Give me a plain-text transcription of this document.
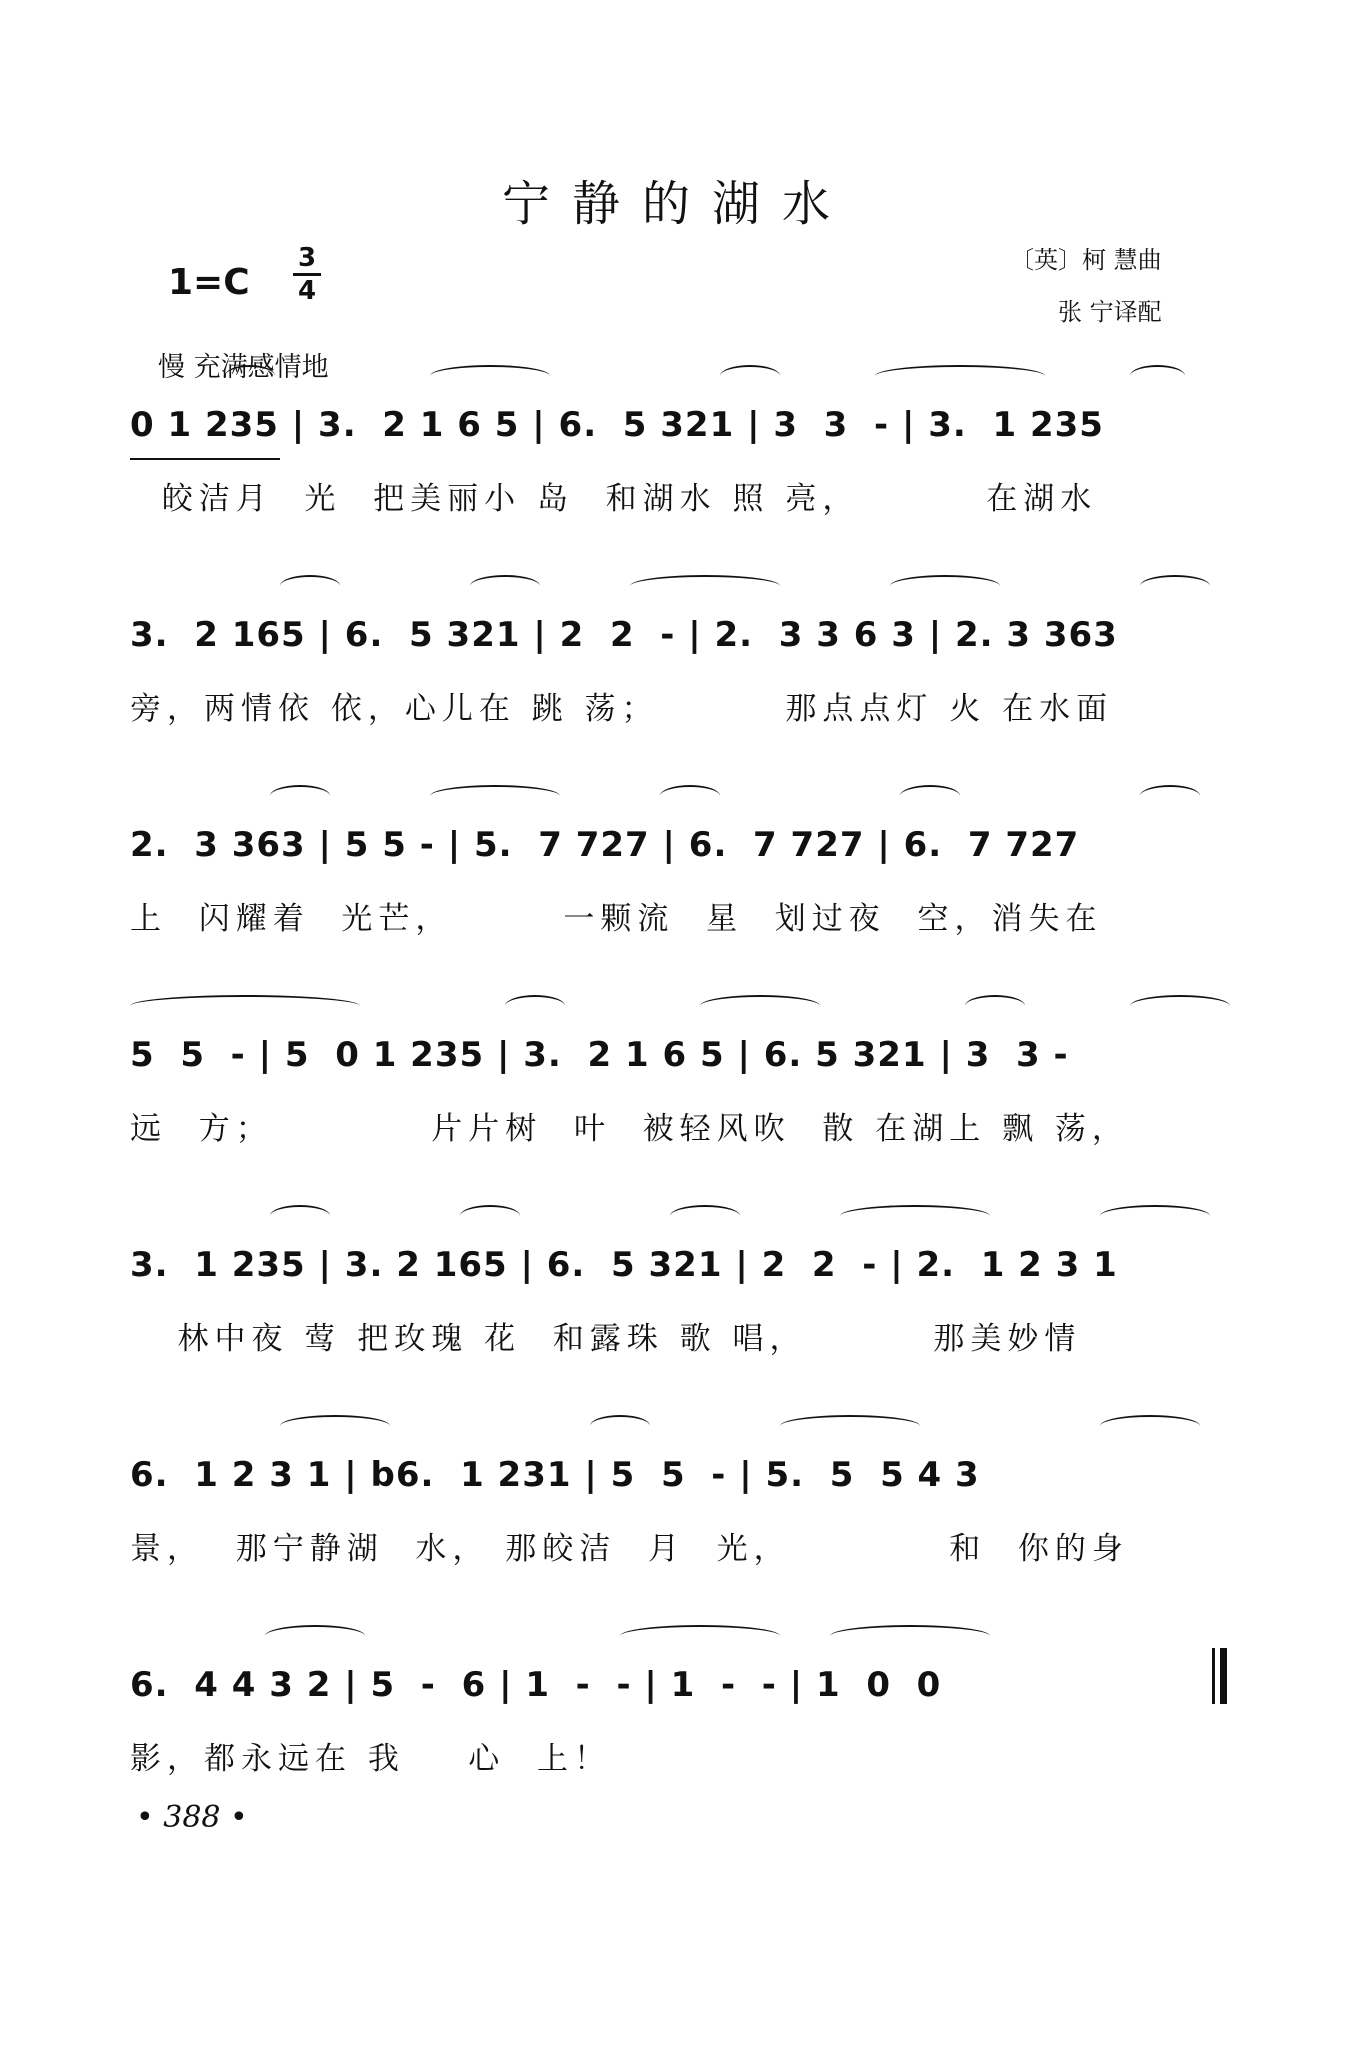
宁静的湖水
1=C
3
4
〔英〕柯 慧曲
张 宁译配
慢 充满感情地
0 1 235 | 3.  2 1 6 5 | 6.  5 321 | 3  3  - | 3.  1 235
皎洁月  光  把美丽小 岛  和湖水 照 亮，        在湖水
3.  2 165 | 6.  5 321 | 2  2  - | 2.  3 3 6 3 | 2. 3 363
旁，两情依 依，心儿在 跳 荡；        那点点灯 火 在水面
2.  3 363 | 5 5 - | 5.  7 727 | 6.  7 727 | 6.  7 727
上  闪耀着  光芒，       一颗流  星  划过夜  空，消失在
5  5  - | 5  0 1 235 | 3.  2 1 6 5 | 6. 5 321 | 3  3 -
远  方；          片片树  叶  被轻风吹  散 在湖上 飘 荡，
3.  1 235 | 3. 2 165 | 6.  5 321 | 2  2  - | 2.  1 2 3 1
林中夜 莺 把玫瑰 花  和露珠 歌 唱，        那美妙情
6.  1 2 3 1 | b6.  1 231 | 5  5  - | 5.  5  5 4 3
景，  那宁静湖  水， 那皎洁  月  光，          和  你的身
6.  4 4 3 2 | 5  -  6 | 1  -  - | 1  -  - | 1  0  0
影，都永远在 我    心  上！
• 388 •
